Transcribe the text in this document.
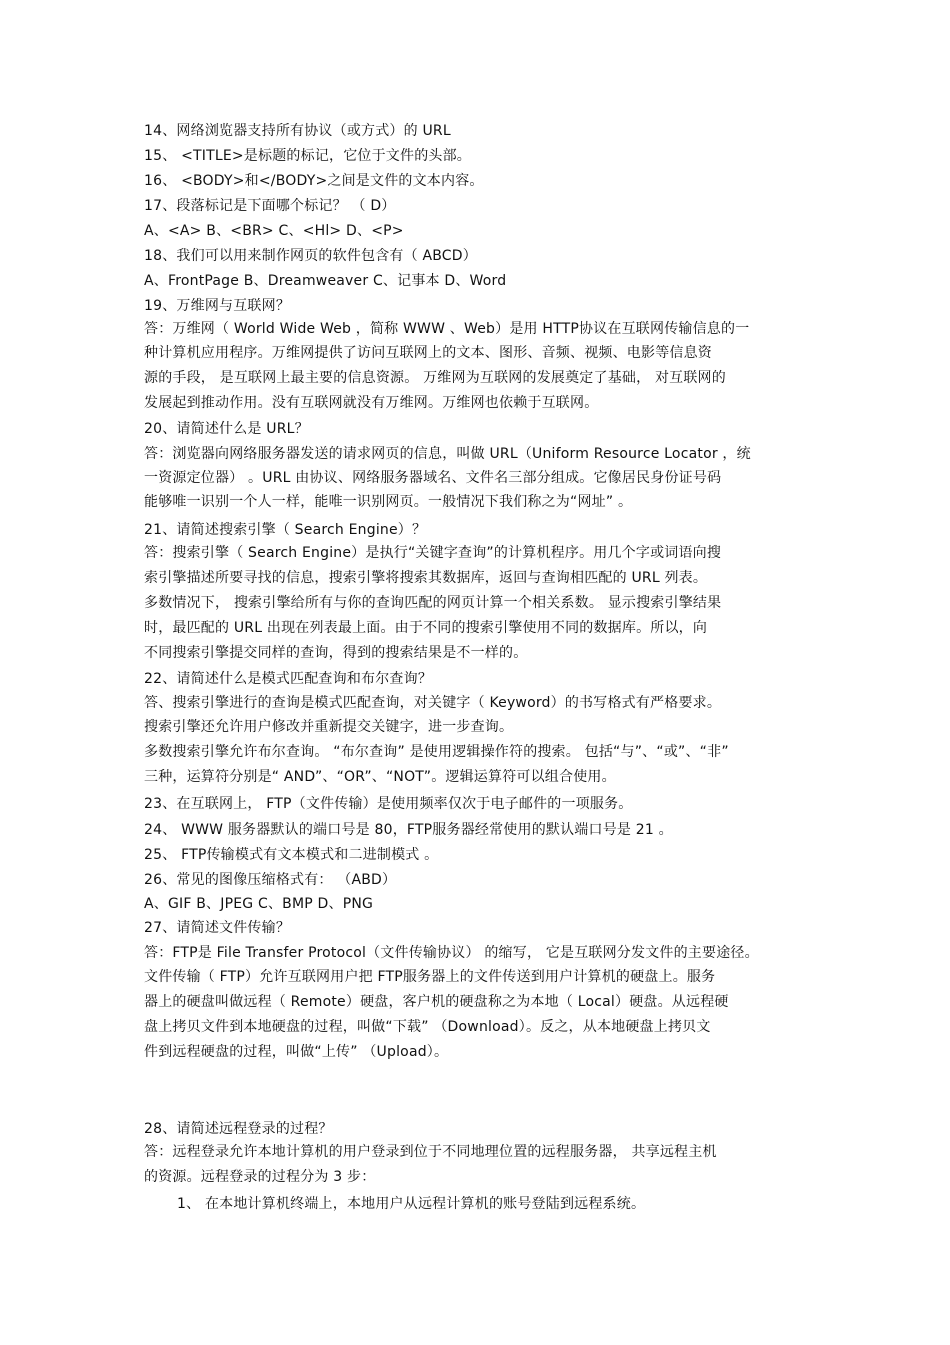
14、网络浏览器支持所有协议（或方式）的 URL
15、 <TITLE>是标题的标记，它位于文件的头部。
16、 <BODY>和</BODY>之间是文件的文本内容。
17、段落标记是下面哪个标记？ （ D）
A、<A> B、<BR> C、<Hl> D、<P>
18、我们可以用来制作网页的软件包含有（ ABCD）
A、FrontPage B、Dreamweaver C、记事本 D、Word
19、万维网与互联网？
答：万维网（ World Wide Web ，简称 WWW 、Web）是用 HTTP协议在互联网传输信息的一
种计算机应用程序。万维网提供了访问互联网上的文本、图形、音频、视频、电影等信息资
源的手段， 是互联网上最主要的信息资源。 万维网为互联网的发展奠定了基础， 对互联网的
发展起到推动作用。没有互联网就没有万维网。万维网也依赖于互联网。
20、请简述什么是 URL？
答：浏览器向网络服务器发送的请求网页的信息，叫做 URL（Uniform Resource Locator ，统
一资源定位器） 。URL 由协议、网络服务器域名、文件名三部分组成。它像居民身份证号码
能够唯一识别一个人一样，能唯一识别网页。一般情况下我们称之为“网址” 。
21、请简述搜索引擎（ Search Engine）？
答：搜索引擎（ Search Engine）是执行“关键字查询”的计算机程序。用几个字或词语向搜
索引擎描述所要寻找的信息，搜索引擎将搜索其数据库，返回与查询相匹配的 URL 列表。
多数情况下， 搜索引擎给所有与你的查询匹配的网页计算一个相关系数。 显示搜索引擎结果
时，最匹配的 URL 出现在列表最上面。由于不同的搜索引擎使用不同的数据库。所以，向
不同搜索引擎提交同样的查询，得到的搜索结果是不一样的。
22、请简述什么是模式匹配查询和布尔查询？
答、搜索引擎进行的查询是模式匹配查询，对关键字（ Keyword）的书写格式有严格要求。
搜索引擎还允许用户修改并重新提交关键字，进一步查询。
多数搜索引擎允许布尔查询。 “布尔查询” 是使用逻辑操作符的搜索。 包括“与”、“或”、“非”
三种，运算符分别是“ AND”、“OR”、“NOT”。逻辑运算符可以组合使用。
23、在互联网上， FTP（文件传输）是使用频率仅次于电子邮件的一项服务。
24、 WWW 服务器默认的端口号是 80，FTP服务器经常使用的默认端口号是 21 。
25、 FTP传输模式有文本模式和二进制模式 。
26、常见的图像压缩格式有： （ABD）
A、GIF B、JPEG C、BMP D、PNG
27、请简述文件传输？
答：FTP是 File Transfer Protocol（文件传输协议） 的缩写， 它是互联网分发文件的主要途径。
文件传输（ FTP）允许互联网用户把 FTP服务器上的文件传送到用户计算机的硬盘上。服务
器上的硬盘叫做远程（ Remote）硬盘，客户机的硬盘称之为本地（ Local）硬盘。从远程硬
盘上拷贝文件到本地硬盘的过程，叫做“下载” （Download）。反之，从本地硬盘上拷贝文
件到远程硬盘的过程，叫做“上传” （Upload）。
28、请简述远程登录的过程？
答：远程登录允许本地计算机的用户登录到位于不同地理位置的远程服务器， 共享远程主机
的资源。远程登录的过程分为 3 步：
1、 在本地计算机终端上，本地用户从远程计算机的账号登陆到远程系统。
